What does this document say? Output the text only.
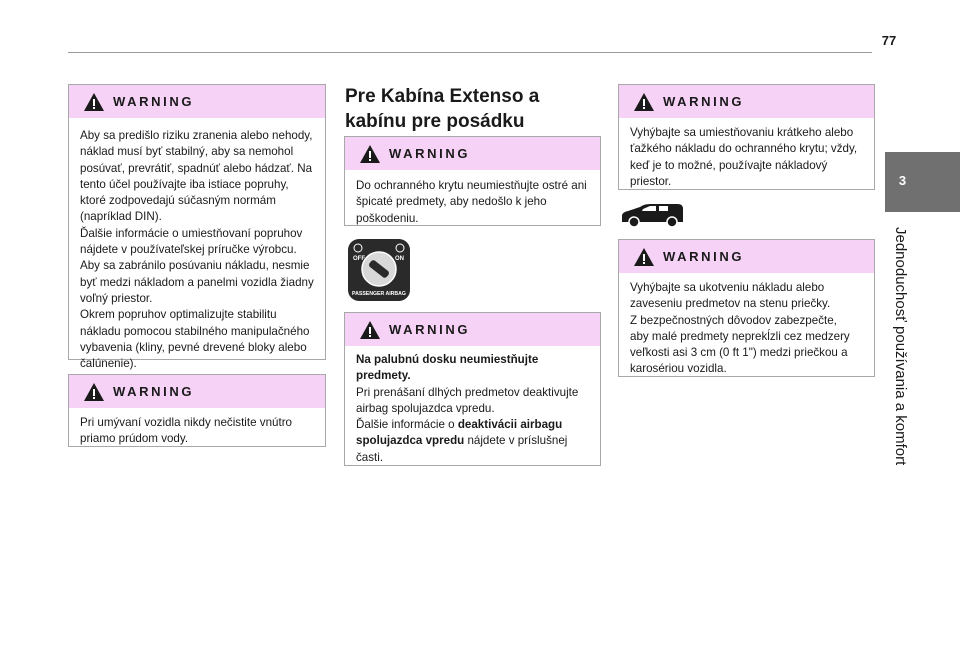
77
3
Jednoduchosť používania a komfort
WARNING

Aby sa predišlo riziku zranenia alebo nehody,

náklad musí byť stabilný, aby sa nemohol

posúvať, prevrátiť, spadnúť alebo hádzať. Na

tento účel používajte iba istiace popruhy,

ktoré zodpovedajú súčasným normám

(napríklad DIN).

Ďalšie informácie o umiestňovaní popruhov

nájdete v používateľskej príručke výrobcu.

Aby sa zabránilo posúvaniu nákladu, nesmie

byť medzi nákladom a panelmi vozidla žiadny

voľný priestor.

Okrem popruhov optimalizujte stabilitu

nákladu pomocou stabilného manipulačného

vybavenia (kliny, pevné drevené bloky alebo

čalúnenie).

WARNING

Pri umývaní vozidla nikdy nečistite vnútro

priamo prúdom vody.

Pre Kabína Extenso a
kabínu pre posádku
WARNING

Do ochranného krytu neumiestňujte ostré ani

špicaté predmety, aby nedošlo k jeho

poškodeniu.

OFF	ON
PASSENGER AIRBAG
WARNING

Na palubnú dosku neumiestňujte

predmety.

Pri prenášaní dlhých predmetov deaktivujte

airbag spolujazdca vpredu.

Ďalšie informácie o deaktivácii airbagu

spolujazdca vpredu nájdete v príslušnej

časti.

WARNING

Vyhýbajte sa umiestňovaniu krátkeho alebo

ťažkého nákladu do ochranného krytu; vždy,

keď je to možné, používajte nákladový

priestor.

WARNING

Vyhýbajte sa ukotveniu nákladu alebo

zaveseniu predmetov na stenu priečky.

Z bezpečnostných dôvodov zabezpečte,

aby malé predmety neprekĺzli cez medzery

veľkosti asi 3 cm (0 ft 1") medzi priečkou a

karosériou vozidla.
